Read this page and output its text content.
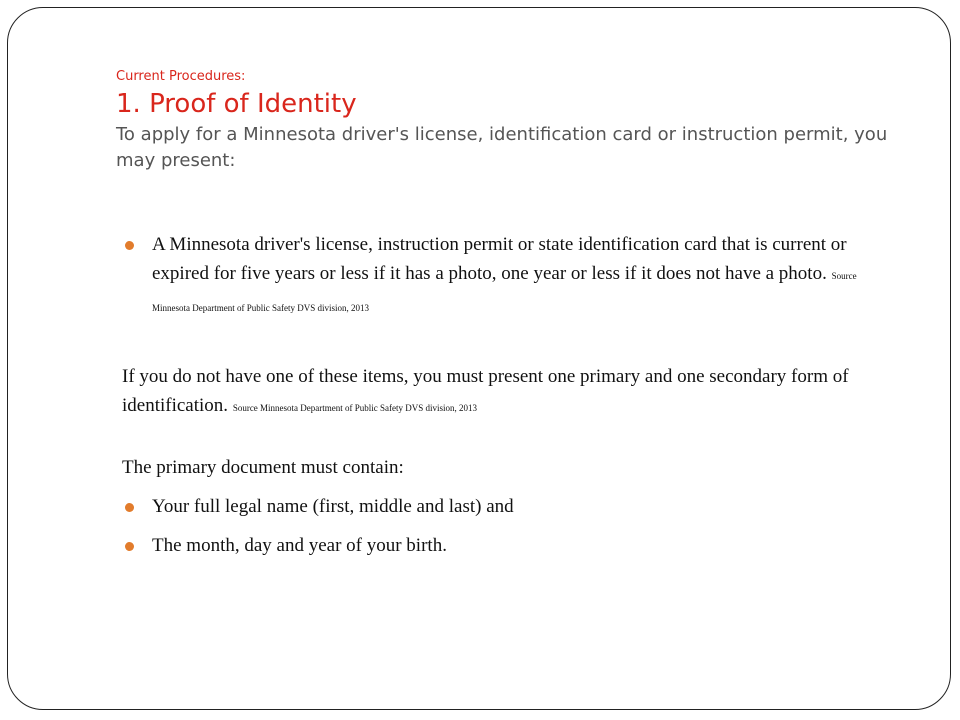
Current Procedures:

1. Proof of Identity

To apply for a Minnesota driver's license, identification card or instruction permit, you may present:

A Minnesota driver's license, instruction permit or state identification card that is current or expired for five years or less if it has a photo, one year or less if it does not have a photo. Source Minnesota Department of Public Safety DVS division, 2013

If you do not have one of these items, you must present one primary and one secondary form of identification. Source Minnesota Department of Public Safety DVS division, 2013

The primary document must contain:

Your full legal name (first, middle and last) and
The month, day and year of your birth.
